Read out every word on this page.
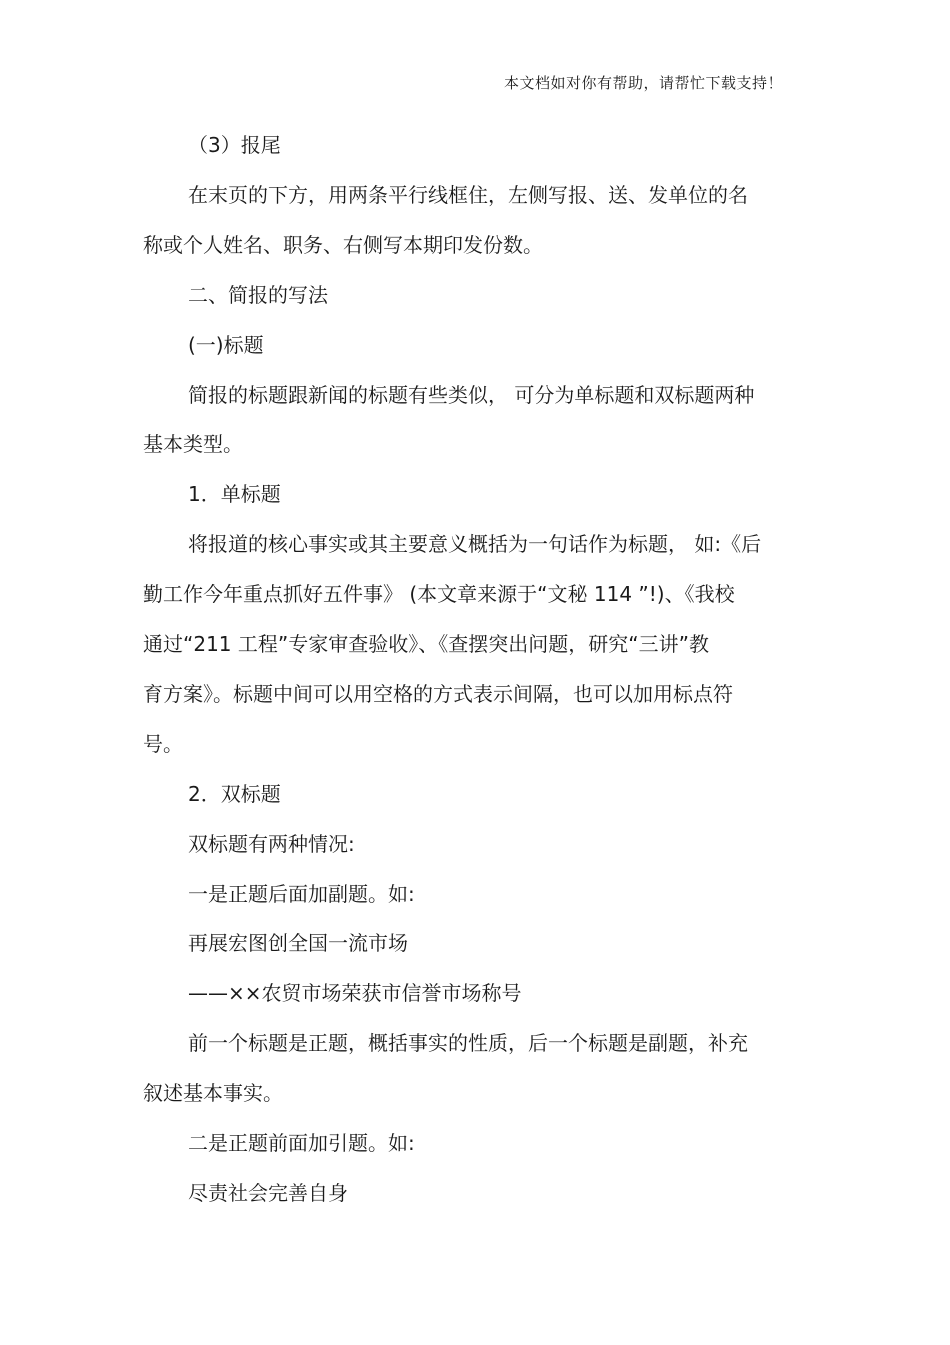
本文档如对你有帮助，请帮忙下载支持！
（3）报尾
在末页的下方，用两条平行线框住，左侧写报、送、发单位的名
称或个人姓名、职务、右侧写本期印发份数。
二、简报的写法
(一)标题
简报的标题跟新闻的标题有些类似， 可分为单标题和双标题两种
基本类型。
1．单标题
将报道的核心事实或其主要意义概括为一句话作为标题， 如:《后
勤工作今年重点抓好五件事》 (本文章来源于“文秘 114 ”!)、《我校
通过“211 工程”专家审查验收》、《查摆突出问题，研究“三讲”教
育方案》。标题中间可以用空格的方式表示间隔，也可以加用标点符
号。
2．双标题
双标题有两种情况:
一是正题后面加副题。如:
再展宏图创全国一流市场
——××农贸市场荣获市信誉市场称号
前一个标题是正题，概括事实的性质，后一个标题是副题，补充
叙述基本事实。
二是正题前面加引题。如:
尽责社会完善自身
